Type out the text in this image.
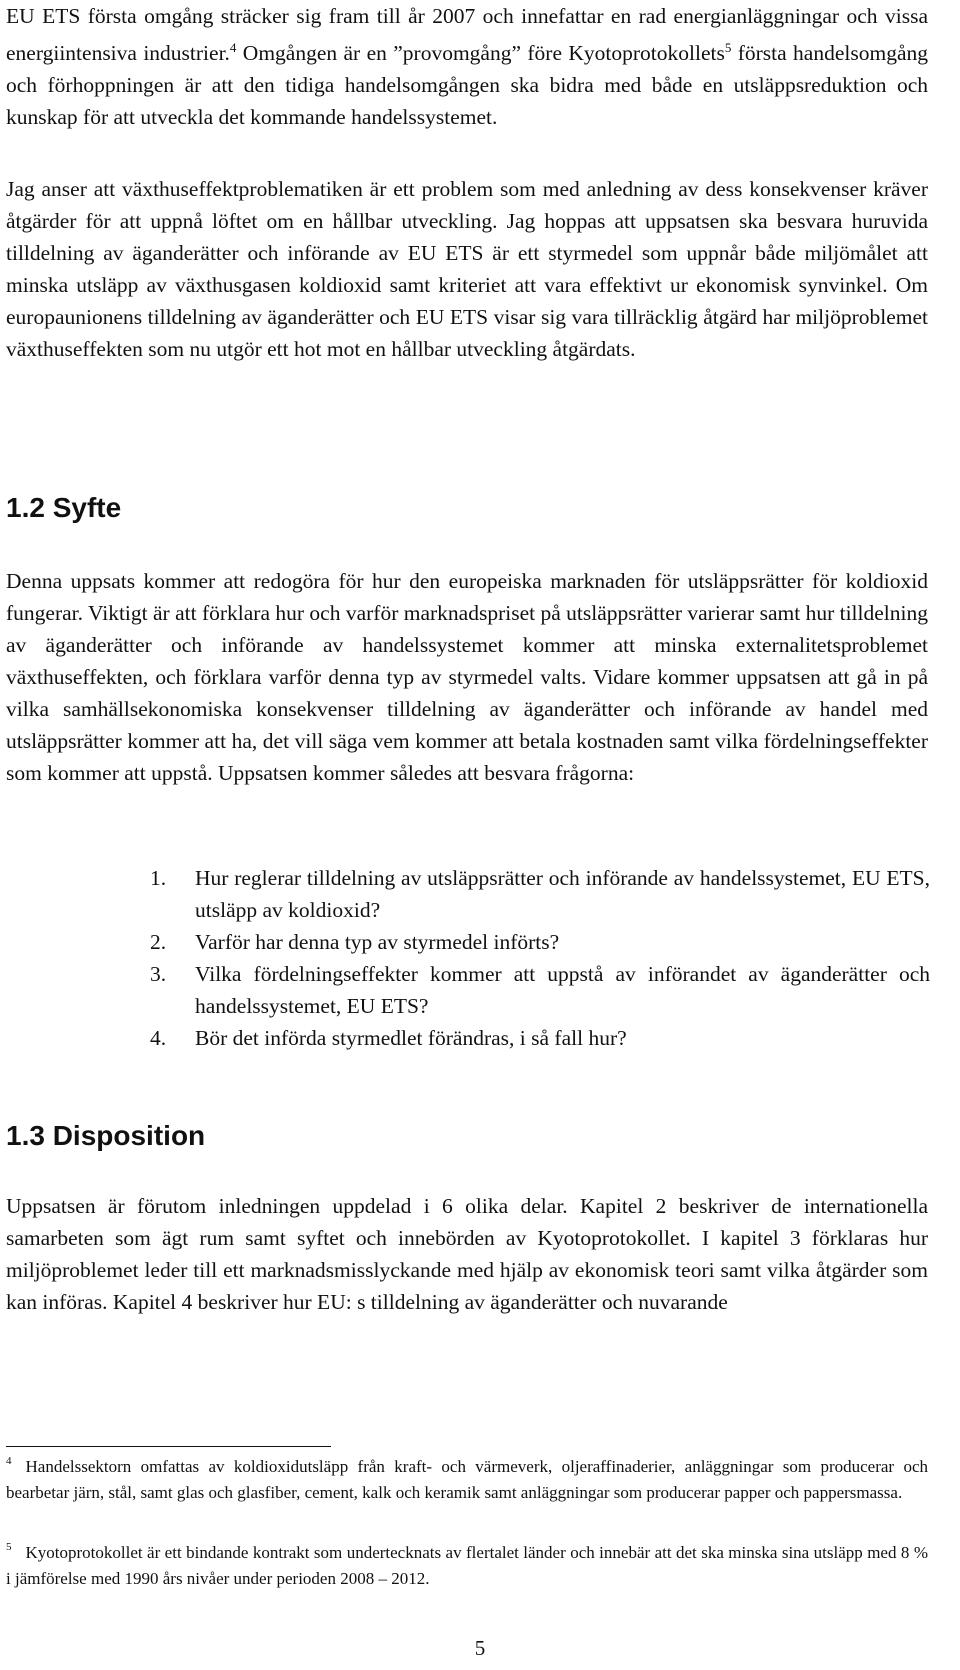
EU ETS första omgång sträcker sig fram till år 2007 och innefattar en rad energianläggningar och vissa energiintensiva industrier.$^4$ Omgången är en ”provomgång” före Kyotoprotokollets$^5$ första handelsomgång och förhoppningen är att den tidiga handelsomgången ska bidra med både en utsläppsreduktion och kunskap för att utveckla det kommande handelssystemet.

Jag anser att växthuseffektproblematiken är ett problem som med anledning av dess konsekvenser kräver åtgärder för att uppnå löftet om en hållbar utveckling. Jag hoppas att uppsatsen ska besvara huruvida tilldelning av äganderätter och införande av EU ETS är ett styrmedel som uppnår både miljömålet att minska utsläpp av växthusgasen koldioxid samt kriteriet att vara effektivt ur ekonomisk synvinkel. Om europaunionens tilldelning av äganderätter och EU ETS visar sig vara tillräcklig åtgärd har miljöproblemet växthuseffekten som nu utgör ett hot mot en hållbar utveckling åtgärdats.

1.2 Syfte

Denna uppsats kommer att redogöra för hur den europeiska marknaden för utsläppsrätter för koldioxid fungerar. Viktigt är att förklara hur och varför marknadspriset på utsläppsrätter varierar samt hur tilldelning av äganderätter och införande av handelssystemet kommer att minska externalitetsproblemet växthuseffekten, och förklara varför denna typ av styrmedel valts. Vidare kommer uppsatsen att gå in på vilka samhällsekonomiska konsekvenser tilldelning av äganderätter och införande av handel med utsläppsrätter kommer att ha, det vill säga vem kommer att betala kostnaden samt vilka fördelningseffekter som kommer att uppstå. Uppsatsen kommer således att besvara frågorna:

1. Hur reglerar tilldelning av utsläppsrätter och införande av handelssystemet, EU ETS, utsläpp av koldioxid?
2. Varför har denna typ av styrmedel införts?
3. Vilka fördelningseffekter kommer att uppstå av införandet av äganderätter och handelssystemet, EU ETS?
4. Bör det införda styrmedlet förändras, i så fall hur?
1.3 Disposition

Uppsatsen är förutom inledningen uppdelad i 6 olika delar. Kapitel 2 beskriver de internationella samarbeten som ägt rum samt syftet och innebörden av Kyotoprotokollet. I kapitel 3 förklaras hur miljöproblemet leder till ett marknadsmisslyckande med hjälp av ekonomisk teori samt vilka åtgärder som kan införas. Kapitel 4 beskriver hur EU: s tilldelning av äganderätter och nuvarande

$^4$ Handelssektorn omfattas av koldioxidutsläpp från kraft- och värmeverk, oljeraffinaderier, anläggningar som producerar och bearbetar järn, stål, samt glas och glasfiber, cement, kalk och keramik samt anläggningar som producerar papper och pappersmassa.

$^5$ Kyotoprotokollet är ett bindande kontrakt som undertecknats av flertalet länder och innebär att det ska minska sina utsläpp med 8 % i jämförelse med 1990 års nivåer under perioden 2008 – 2012.

5
